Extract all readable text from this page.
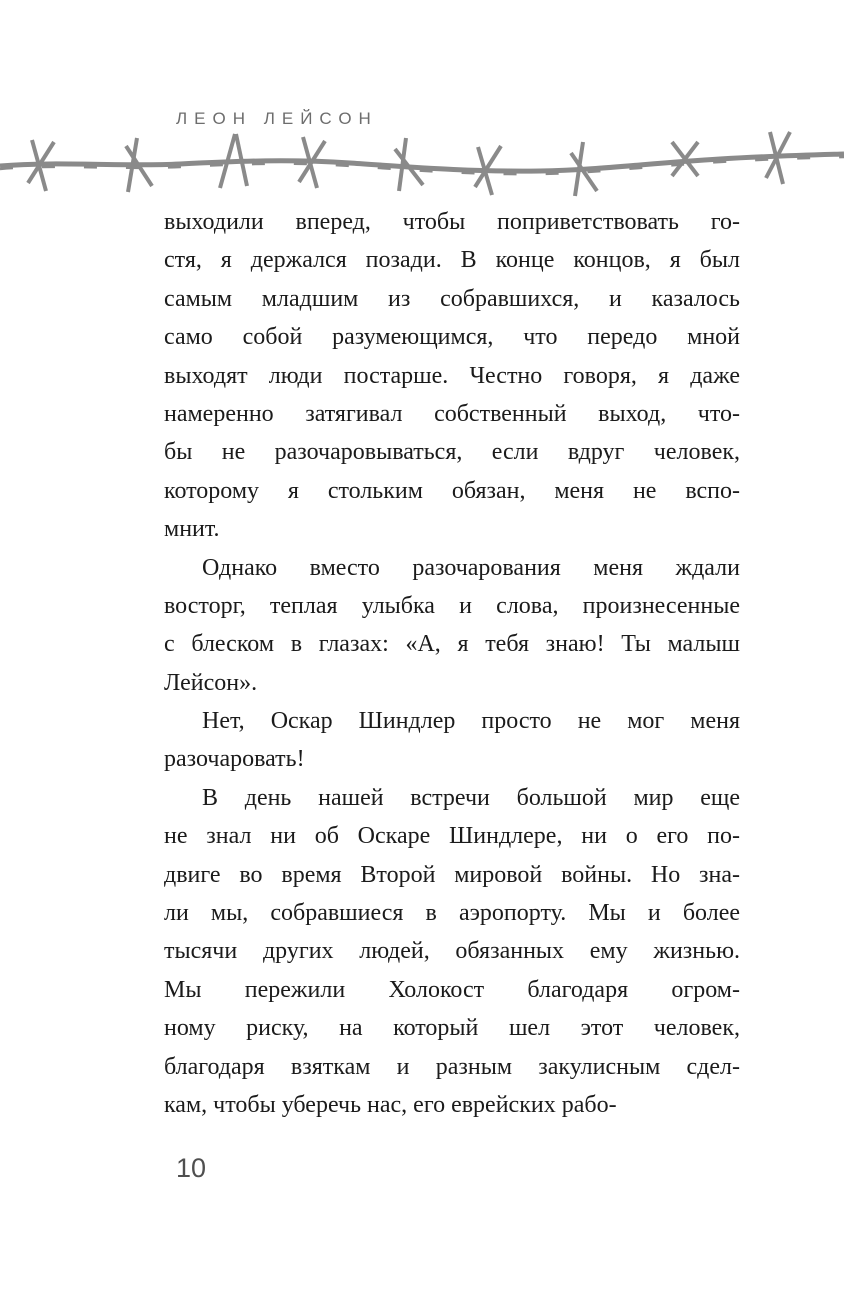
ЛЕОН ЛЕЙСОН
выходили вперед, чтобы поприветствовать го-
стя, я держался позади. В конце концов, я был
самым младшим из собравшихся, и казалось
само собой разумеющимся, что передо мной
выходят люди постарше. Честно говоря, я даже
намеренно затягивал собственный выход, что-
бы не разочаровываться, если вдруг человек,
которому я стольким обязан, меня не вспо-
мнит.
Однако вместо разочарования меня ждали
восторг, теплая улыбка и слова, произнесенные
с блеском в глазах: «А, я тебя знаю! Ты малыш
Лейсон».
Нет, Оскар Шиндлер просто не мог меня
разочаровать!
В день нашей встречи большой мир еще
не знал ни об Оскаре Шиндлере, ни о его по-
двиге во время Второй мировой войны. Но зна-
ли мы, собравшиеся в аэропорту. Мы и более
тысячи других людей, обязанных ему жизнью.
Мы пережили Холокост благодаря огром-
ному риску, на который шел этот человек,
благодаря взяткам и разным закулисным сдел-
кам, чтобы уберечь нас, его еврейских рабо-
10
